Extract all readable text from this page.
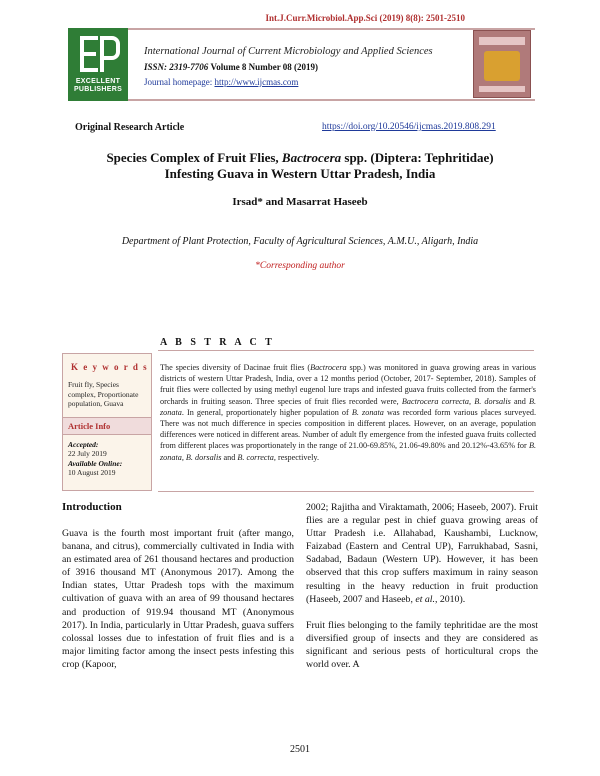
Int.J.Curr.Microbiol.App.Sci (2019) 8(8): 2501-2510
EXCELLENT
PUBLISHERS
International Journal of Current Microbiology and Applied Sciences
ISSN: 2319-7706 Volume 8 Number 08 (2019)
Journal homepage: http://www.ijcmas.com
Original Research Article	https://doi.org/10.20546/ijcmas.2019.808.291
Species Complex of Fruit Flies, Bactrocera spp. (Diptera: Tephritidae)
Infesting Guava in Western Uttar Pradesh, India
Irsad* and Masarrat Haseeb
Department of Plant Protection, Faculty of Agricultural Sciences, A.M.U., Aligarh, India
*Corresponding author
A B S T R A C T
K e y w o r d s
Fruit fly, Species complex, Proportionate population, Guava
Article Info
Accepted:
22 July 2019
Available Online:
10 August 2019
The species diversity of Dacinae fruit flies (Bactrocera spp.) was monitored in guava growing areas in various districts of western Uttar Pradesh, India, over a 12 months period (October, 2017- September, 2018). Samples of fruit flies were collected by using methyl eugenol lure traps and infested guava fruits collected from the farmer's orchards in fruiting season. Three species of fruit flies recorded were, Bactrocera correcta, B. dorsalis and B. zonata. In general, proportionately higher population of B. zonata was recorded form various places surveyed. There was not much difference in species composition in different places. However, on an average, population differences were noticed in different areas. Number of adult fly emergence from the infested guava fruits collected from different places was proportionately in the range of 21.00-69.85%, 21.06-49.80% and 20.12%-43.65% for B. zonata, B. dorsalis and B. correcta, respectively.
Introduction
Guava is the fourth most important fruit (after mango, banana, and citrus), commercially cultivated in India with an estimated area of 261 thousand hectares and production of 3916 thousand MT (Anonymous 2017). Among the Indian states, Uttar Pradesh tops with the maximum cultivation of guava with an area of 99 thousand hectares and production of 919.94 thousand MT (Anonymous 2017). In India, particularly in Uttar Pradesh, guava suffers colossal losses due to infestation of fruit flies and is a major limiting factor among the insect pests infesting this crop (Kapoor,

2002; Rajitha and Viraktamath, 2006; Haseeb, 2007). Fruit flies are a regular pest in chief guava growing areas of Uttar Pradesh i.e. Allahabad, Kaushambi, Lucknow, Faizabad (Eastern and Central UP), Farrukhabad, Sasni, Sadabad, Badaun (Western UP). However, it has been observed that this crop suffers maximum in rainy season resulting in the heavy reduction in fruit production (Haseeb, 2007 and Haseeb, et al., 2010).

Fruit flies belonging to the family tephritidae are the most diversified group of insects and they are considered as significant and serious pests of horticultural crops the world over. A

2501
